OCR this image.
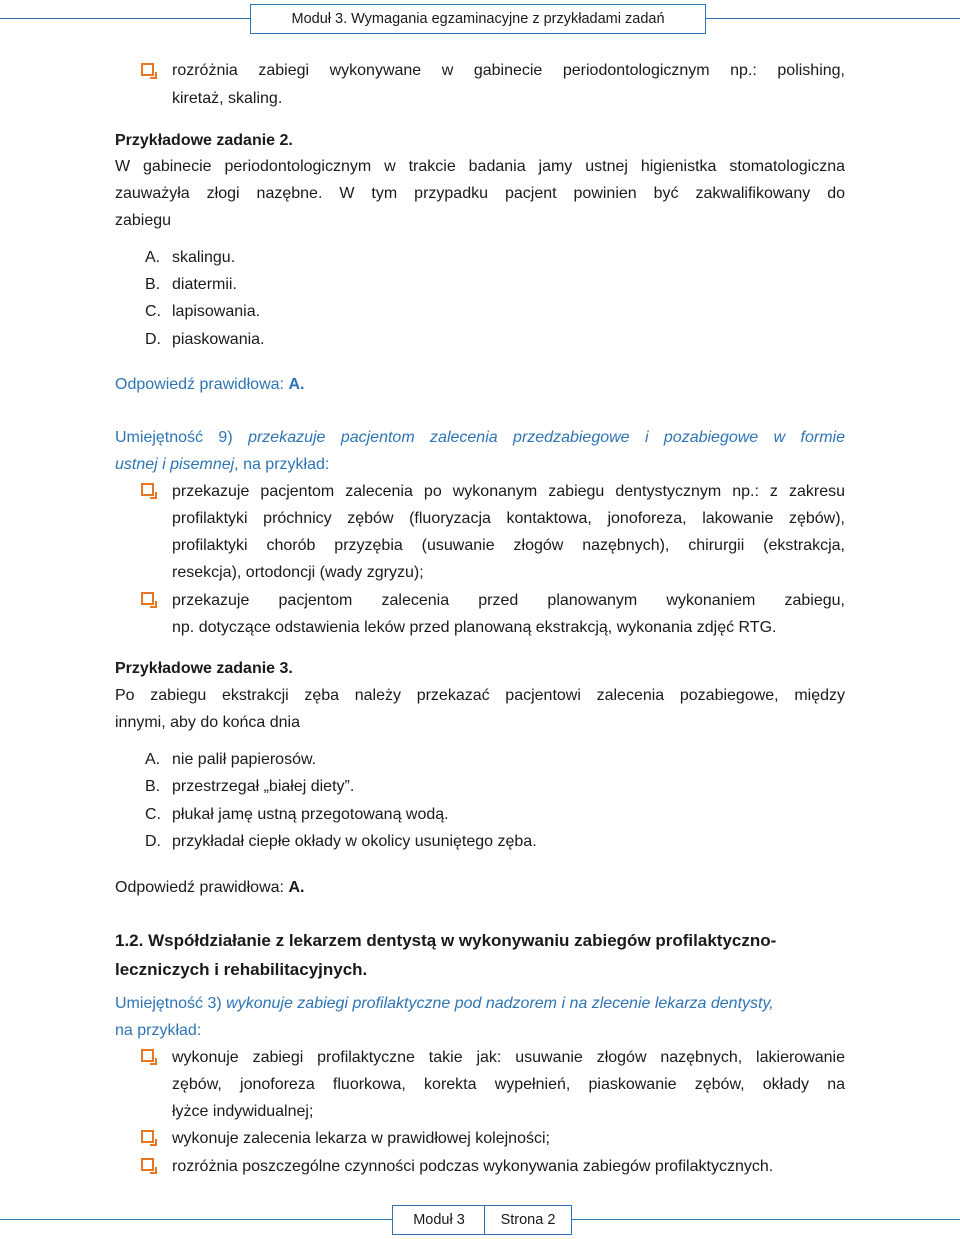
Moduł 3. Wymagania egzaminacyjne z przykładami zadań
rozróżnia zabiegi wykonywane w gabinecie periodontologicznym np.: polishing,
kiretaż, skaling.
Przykładowe zadanie 2.
W gabinecie periodontologicznym w trakcie badania jamy ustnej higienistka stomatologiczna
zauważyła złogi nazębne. W tym przypadku pacjent powinien być zakwalifikowany do
zabiegu
A. skalingu.
B. diatermii.
C. lapisowania.
D. piaskowania.
Odpowiedź prawidłowa: A.
Umiejętność 9) przekazuje pacjentom zalecenia przedzabiegowe i pozabiegowe w formie
ustnej i pisemnej, na przykład:
przekazuje pacjentom zalecenia po wykonanym zabiegu dentystycznym np.: z zakresu
profilaktyki próchnicy zębów (fluoryzacja kontaktowa, jonoforeza, lakowanie zębów),
profilaktyki chorób przyzębia (usuwanie złogów nazębnych), chirurgii (ekstrakcja,
resekcja), ortodoncji (wady zgryzu);
przekazuje pacjentom zalecenia przed planowanym wykonaniem zabiegu,
np. dotyczące odstawienia leków przed planowaną ekstrakcją, wykonania zdjęć RTG.
Przykładowe zadanie 3.
Po zabiegu ekstrakcji zęba należy przekazać pacjentowi zalecenia pozabiegowe, między
innymi, aby do końca dnia
A. nie palił papierosów.
B. przestrzegał „białej diety”.
C. płukał jamę ustną przegotowaną wodą.
D. przykładał ciepłe okłady w okolicy usuniętego zęba.
Odpowiedź prawidłowa: A.
1.2. Współdziałanie z lekarzem dentystą w wykonywaniu zabiegów profilaktyczno-
leczniczych i rehabilitacyjnych.
Umiejętność 3) wykonuje zabiegi profilaktyczne pod nadzorem i na zlecenie lekarza dentysty,
na przykład:
wykonuje zabiegi profilaktyczne takie jak: usuwanie złogów nazębnych, lakierowanie
zębów, jonoforeza fluorkowa, korekta wypełnień, piaskowanie zębów, okłady na
łyżce indywidualnej;
wykonuje zalecenia lekarza w prawidłowej kolejności;
rozróżnia poszczególne czynności podczas wykonywania zabiegów profilaktycznych.
Moduł 3	Strona 2
